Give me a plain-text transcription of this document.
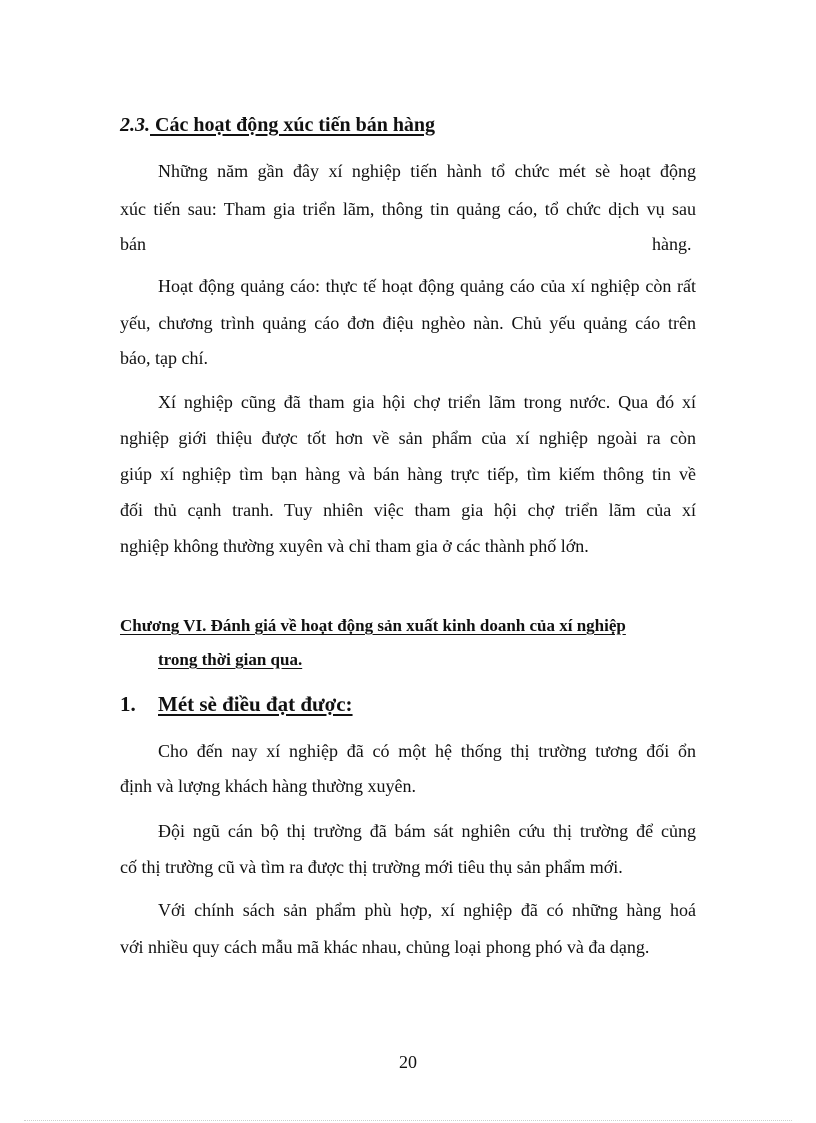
2.3. Các hoạt động xúc tiến bán hàng
Những năm gần đây xí nghiệp tiến hành tổ chức mét sè hoạt động
xúc tiến sau: Tham gia triển lãm, thông tin quảng cáo, tổ chức dịch vụ sau
bán	hàng.
Hoạt động quảng cáo: thực tế hoạt động quảng cáo của xí nghiệp còn rất
yếu, chương trình quảng cáo đơn điệu nghèo nàn. Chủ yếu quảng cáo trên
báo, tạp chí.
Xí nghiệp cũng đã tham gia hội chợ triển lãm trong nước. Qua đó xí
nghiệp giới thiệu được tốt hơn về sản phẩm của xí nghiệp ngoài ra còn
giúp xí nghiệp tìm bạn hàng và bán hàng trực tiếp, tìm kiếm thông tin về
đối thủ cạnh tranh. Tuy nhiên việc tham gia hội chợ triển lãm của xí
nghiệp không thường xuyên và chỉ tham gia ở các thành phố lớn.
Chương VI. Đánh giá về hoạt động sản xuất kinh doanh của xí nghiệp
trong thời gian qua.
1. Mét sè điều đạt được:
Cho đến nay xí nghiệp đã có một hệ thống thị trường tương đối ổn
định và lượng khách hàng thường xuyên.
Đội ngũ cán bộ thị trường đã bám sát nghiên cứu thị trường để củng
cố thị trường cũ và tìm ra được thị trường mới tiêu thụ sản phẩm mới.
Với chính sách sản phẩm phù hợp, xí nghiệp đã có những hàng hoá
với nhiều quy cách mẫu mã khác nhau, chủng loại phong phó và đa dạng.
20
